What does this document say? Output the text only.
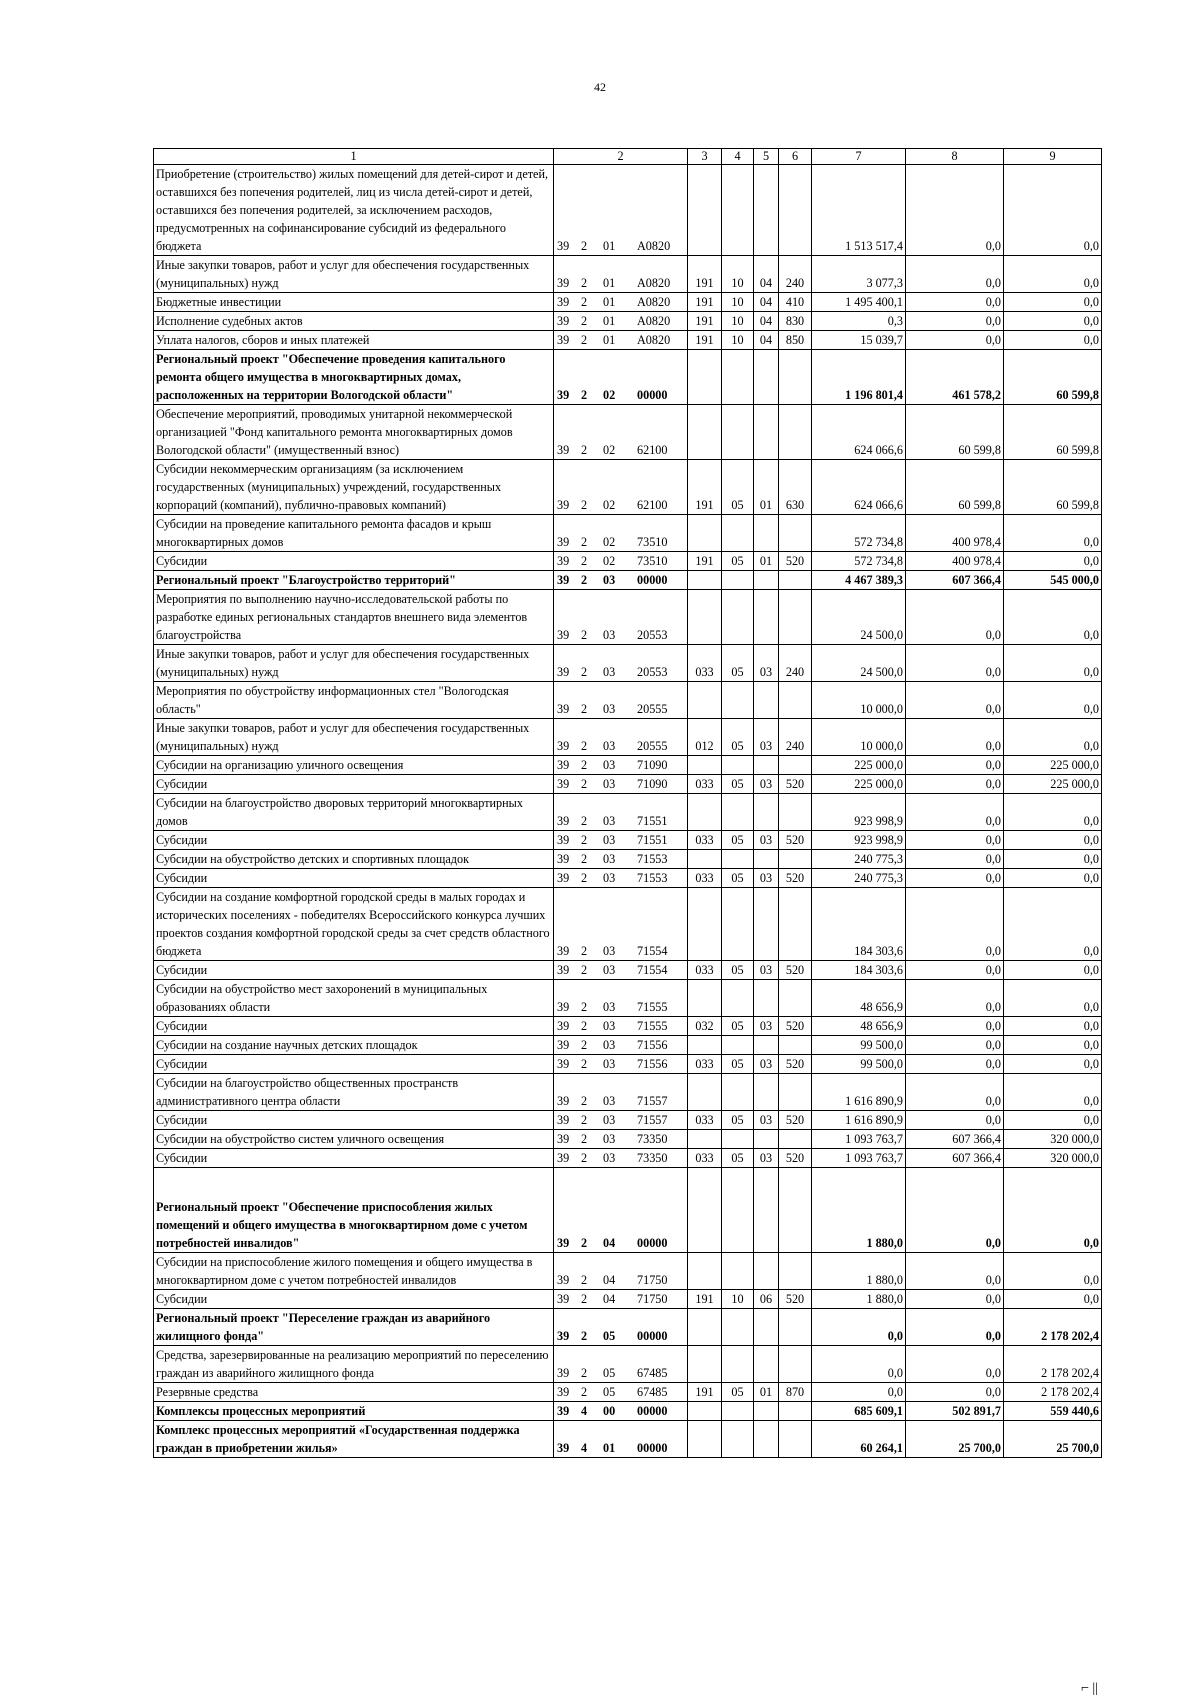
42
1	2	3	4	5	6	7	8	9
Приобретение (строительство) жилых помещений для детей-сирот и детей, оставшихся без попечения родителей, лиц из числа детей-сирот и детей, оставшихся без попечения родителей, за исключением расходов, предусмотренных на софинансирование субсидий из федерального бюджета	39 2 01 A0820					1 513 517,4	0,0	0,0
Иные закупки товаров, работ и услуг для обеспечения государственных (муниципальных) нужд	39 2 01 A0820	191	10	04	240	3 077,3	0,0	0,0
Бюджетные инвестиции	39 2 01 A0820	191	10	04	410	1 495 400,1	0,0	0,0
Исполнение судебных актов	39 2 01 A0820	191	10	04	830	0,3	0,0	0,0
Уплата налогов, сборов и иных платежей	39 2 01 A0820	191	10	04	850	15 039,7	0,0	0,0
Региональный проект "Обеспечение проведения капитального ремонта общего имущества в многоквартирных домах, расположенных на территории Вологодской области"	39 2 02 00000					1 196 801,4	461 578,2	60 599,8
Обеспечение мероприятий, проводимых унитарной некоммерческой организацией "Фонд капитального ремонта многоквартирных домов Вологодской области" (имущественный взнос)	39 2 02 62100					624 066,6	60 599,8	60 599,8
Субсидии некоммерческим организациям (за исключением государственных (муниципальных) учреждений, государственных корпораций (компаний), публично-правовых компаний)	39 2 02 62100	191	05	01	630	624 066,6	60 599,8	60 599,8
Субсидии на проведение капитального ремонта фасадов и крыш многоквартирных домов	39 2 02 73510					572 734,8	400 978,4	0,0
Субсидии	39 2 02 73510	191	05	01	520	572 734,8	400 978,4	0,0
Региональный проект "Благоустройство территорий"	39 2 03 00000					4 467 389,3	607 366,4	545 000,0
Мероприятия по выполнению научно-исследовательской работы по разработке единых региональных стандартов внешнего вида элементов благоустройства	39 2 03 20553					24 500,0	0,0	0,0
Иные закупки товаров, работ и услуг для обеспечения государственных (муниципальных) нужд	39 2 03 20553	033	05	03	240	24 500,0	0,0	0,0
Мероприятия по обустройству информационных стел "Вологодская область"	39 2 03 20555					10 000,0	0,0	0,0
Иные закупки товаров, работ и услуг для обеспечения государственных (муниципальных) нужд	39 2 03 20555	012	05	03	240	10 000,0	0,0	0,0
Субсидии на организацию уличного освещения	39 2 03 71090					225 000,0	0,0	225 000,0
Субсидии	39 2 03 71090	033	05	03	520	225 000,0	0,0	225 000,0
Субсидии на благоустройство дворовых территорий многоквартирных домов	39 2 03 71551					923 998,9	0,0	0,0
Субсидии	39 2 03 71551	033	05	03	520	923 998,9	0,0	0,0
Субсидии на обустройство детских и спортивных площадок	39 2 03 71553					240 775,3	0,0	0,0
Субсидии	39 2 03 71553	033	05	03	520	240 775,3	0,0	0,0
Субсидии на создание комфортной городской среды в малых городах и исторических поселениях - победителях Всероссийского конкурса лучших проектов создания комфортной городской среды за счет средств областного бюджета	39 2 03 71554					184 303,6	0,0	0,0
Субсидии	39 2 03 71554	033	05	03	520	184 303,6	0,0	0,0
Субсидии на обустройство мест захоронений в муниципальных образованиях области	39 2 03 71555					48 656,9	0,0	0,0
Субсидии	39 2 03 71555	032	05	03	520	48 656,9	0,0	0,0
Субсидии на создание научных детских площадок	39 2 03 71556					99 500,0	0,0	0,0
Субсидии	39 2 03 71556	033	05	03	520	99 500,0	0,0	0,0
Субсидии на благоустройство общественных пространств административного центра области	39 2 03 71557					1 616 890,9	0,0	0,0
Субсидии	39 2 03 71557	033	05	03	520	1 616 890,9	0,0	0,0
Субсидии на обустройство систем уличного освещения	39 2 03 73350					1 093 763,7	607 366,4	320 000,0
Субсидии	39 2 03 73350	033	05	03	520	1 093 763,7	607 366,4	320 000,0
Региональный проект "Обеспечение приспособления жилых помещений и общего имущества в многоквартирном доме с учетом потребностей инвалидов"	39 2 04 00000					1 880,0	0,0	0,0
Субсидии на приспособление жилого помещения и общего имущества в многоквартирном доме с учетом потребностей инвалидов	39 2 04 71750					1 880,0	0,0	0,0
Субсидии	39 2 04 71750	191	10	06	520	1 880,0	0,0	0,0
Региональный проект "Переселение граждан из аварийного жилищного фонда"	39 2 05 00000					0,0	0,0	2 178 202,4
Средства, зарезервированные на реализацию мероприятий по переселению граждан из аварийного жилищного фонда	39 2 05 67485					0,0	0,0	2 178 202,4
Резервные средства	39 2 05 67485	191	05	01	870	0,0	0,0	2 178 202,4
Комплексы процессных мероприятий	39 4 00 00000					685 609,1	502 891,7	559 440,6
Комплекс процессных мероприятий «Государственная поддержка граждан в приобретении жилья»	39 4 01 00000					60 264,1	25 700,0	25 700,0
⌐ ||
